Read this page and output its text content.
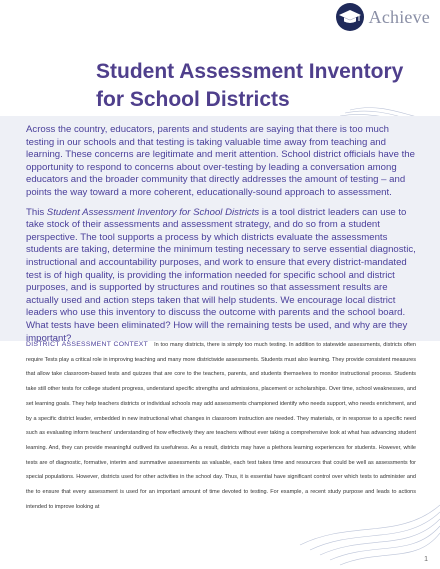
Achieve
Student Assessment Inventory
for School Districts

Across the country, educators, parents and students are saying that there is too much testing in our schools and that testing is taking valuable time away from teaching and learning. These concerns are legitimate and merit attention. School district officials have the opportunity to respond to concerns about over-testing by leading a conversation among educators and the broader community that directly addresses the amount of testing – and points the way toward a more coherent, educationally-sound approach to assessment.

This Student Assessment Inventory for School Districts is a tool district leaders can use to take stock of their assessments and assessment strategy, and do so from a student perspective. The tool supports a process by which districts evaluate the assessments students are taking, determine the minimum testing necessary to serve essential diagnostic, instructional and accountability purposes, and work to ensure that every district-mandated test is of high quality, is providing the information needed for specific school and district purposes, and is supported by structures and routines so that assessment results are actually used and action steps taken that will help students. We encourage local district leaders who use this inventory to discuss the outcome with parents and the school board. What tests have been eliminated? How will the remaining tests be used, and why are they important?

DISTRICT ASSESSMENT CONTEXT In too many districts, there is simply too much testing. In addition to statewide assessments, districts often require Tests play a critical role in improving teaching and many more districtwide assessments. Students must also learning. They provide consistent measures that allow take classroom-based tests and quizzes that are core to the teachers, parents, and students themselves to monitor instructional process. Students take still other tests for college student progress, understand specific strengths and admissions, placement or scholarships. Over time, school weaknesses, and set learning goals. They help teachers districts or individual schools may add assessments championed identify who needs support, who needs enrichment, and by a specific district leader, embedded in new instructional what changes in classroom instruction are needed. They materials, or in response to a specific need such as evaluating inform teachers' understanding of how effectively they are teachers without ever taking a comprehensive look at what has advancing student learning. And, they can provide meaningful outlived its usefulness. As a result, districts may have a plethora learning experiences for students. However, while tests are of diagnostic, formative, interim and summative assessments as valuable, each test takes time and resources that could be well as assessments for special populations. However, districts used for other activities in the school day. Thus, it is essential have significant control over which tests to administer and the to ensure that every assessment is used for an important amount of time devoted to testing. For example, a recent study purpose and leads to actions intended to improve looking at
1
